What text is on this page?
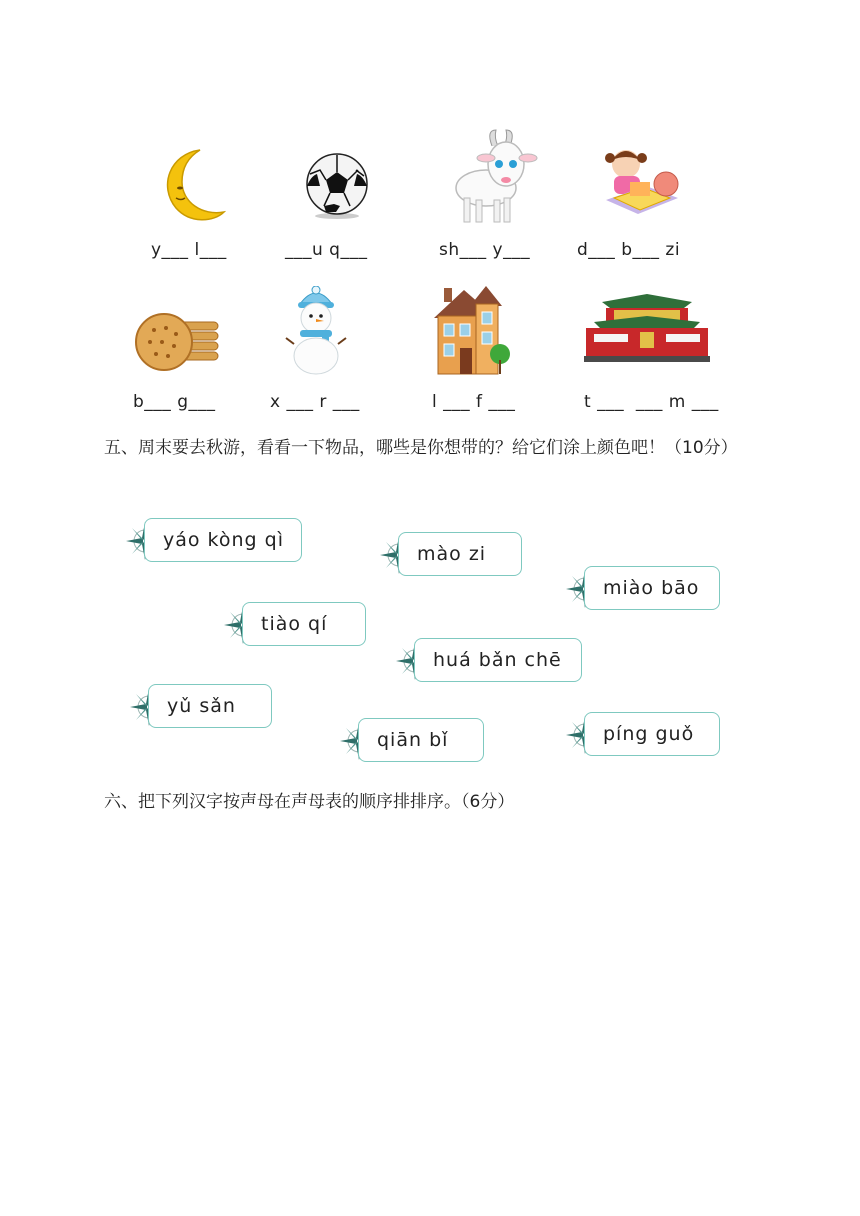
y___ l___	___u q___	sh___ y___	d___ b___ zi
b___ g___	x ___ r ___	l ___ f ___	t ___  ___ m ___
五、周末要去秋游，看看一下物品，哪些是你想带的？给它们涂上颜色吧！（10分）
yáo kòng qì
mào zi
miào bāo
tiào qí
huá bǎn chē
yǔ sǎn
qiān bǐ	píng guǒ
六、把下列汉字按声母在声母表的顺序排排序。（6分）
